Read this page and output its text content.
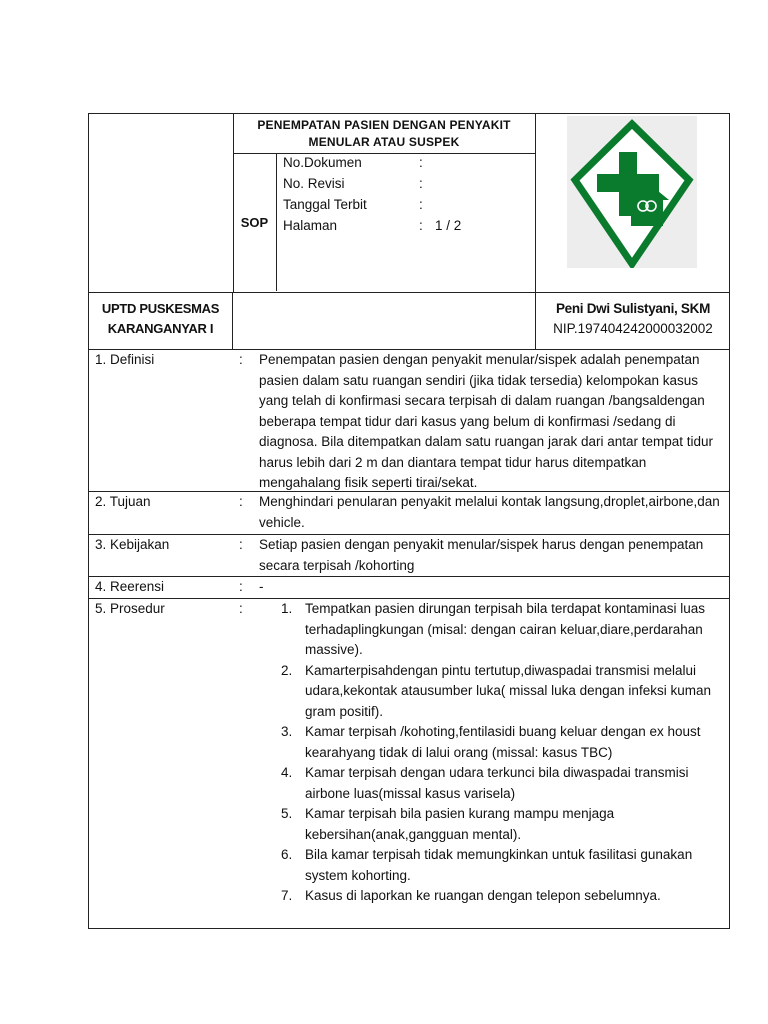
PENEMPATAN PASIEN DENGAN PENYAKIT
MENULAR ATAU SUSPEK
SOP
No.Dokumen	:
No. Revisi	:
Tanggal Terbit	:
Halaman	: 1 / 2
UPTD PUSKESMAS
KARANGANYAR I
Peni Dwi Sulistyani, SKM
NIP.197404242000032002
1. Definisi	: Penempatan pasien dengan penyakit menular/sispek adalah penempatan pasien dalam satu ruangan sendiri (jika tidak tersedia) kelompokan kasus yang telah di konfirmasi secara terpisah di dalam ruangan /bangsaldengan beberapa tempat tidur dari kasus yang belum di konfirmasi /sedang di diagnosa. Bila ditempatkan dalam satu ruangan jarak dari antar tempat tidur harus lebih dari 2 m dan diantara tempat tidur harus ditempatkan mengahalang fisik seperti tirai/sekat.
2. Tujuan	: Menghindari penularan penyakit melalui kontak langsung,droplet,airbone,dan vehicle.
3. Kebijakan	: Setiap pasien dengan penyakit menular/sispek harus dengan penempatan secara terpisah /kohorting
4. Reerensi	: -
5. Prosedur	:	1. Tempatkan pasien dirungan terpisah bila terdapat kontaminasi luas terhadaplingkungan (misal: dengan cairan keluar,diare,perdarahan massive).
2. Kamarterpisahdengan pintu tertutup,diwaspadai transmisi melalui udara,kekontak atausumber luka( missal luka dengan infeksi kuman gram positif).
3. Kamar terpisah /kohoting,fentilasidi buang keluar dengan ex houst kearahyang tidak di lalui orang (missal: kasus TBC)
4. Kamar terpisah dengan udara terkunci bila diwaspadai transmisi airbone luas(missal kasus varisela)
5. Kamar terpisah bila pasien kurang mampu menjaga kebersihan(anak,gangguan mental).
6. Bila kamar terpisah tidak memungkinkan untuk fasilitasi gunakan system kohorting.
7. Kasus di laporkan ke ruangan dengan telepon sebelumnya.
